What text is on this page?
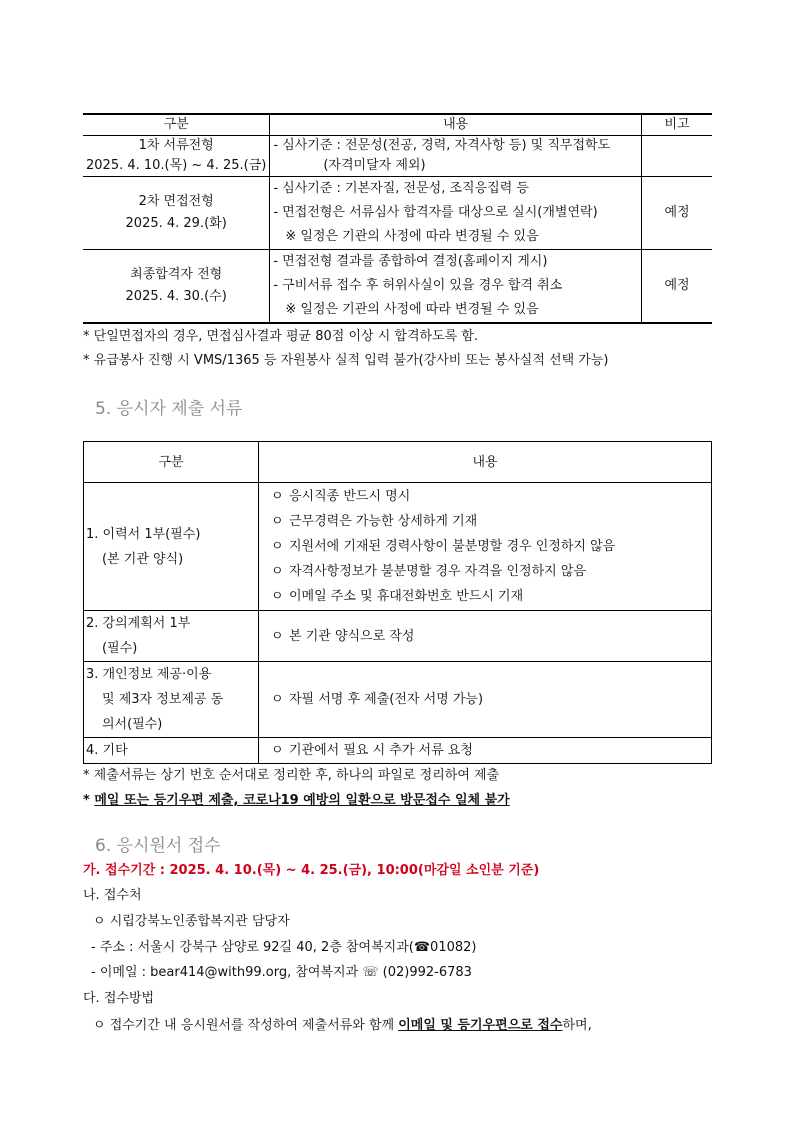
구분	내용	비고

1차 서류전형
2025. 4. 10.(목) ~ 4. 25.(금)	- 심사기준 : 전문성(전공, 경력, 자격사항 등) 및 직무접학도
(자격미달자 제외)	

2차 면접전형
2025. 4. 29.(화)	- 심사기준 : 기본자질, 전문성, 조직응집력 등
- 면접전형은 서류심사 합격자를 대상으로 실시(개별연락)
※ 일정은 기관의 사정에 따라 변경될 수 있음	예정

최종합격자 전형
2025. 4. 30.(수)	- 면접전형 결과를 종합하여 결정(홈페이지 게시)
- 구비서류 접수 후 허위사실이 있을 경우 합격 취소
※ 일정은 기관의 사정에 따라 변경될 수 있음	예정
* 단일면접자의 경우, 면접심사결과 평균 80점 이상 시 합격하도록 함.
* 유급봉사 진행 시 VMS/1365 등 자원봉사 실적 입력 불가(강사비 또는 봉사실적 선택 가능)
5. 응시자 제출 서류
구분	내용

1. 이력서 1부(필수)
(본 기관 양식)	ㅇ 응시직종 반드시 명시
ㅇ 근무경력은 가능한 상세하게 기재
ㅇ 지원서에 기재된 경력사항이 불분명할 경우 인정하지 않음
ㅇ 자격사항정보가 불분명할 경우 자격을 인정하지 않음
ㅇ 이메일 주소 및 휴대전화번호 반드시 기재

2. 강의계획서 1부
(필수)	ㅇ 본 기관 양식으로 작성

3. 개인정보 제공·이용
및 제3자 정보제공 동
의서(필수)	ㅇ 자필 서명 후 제출(전자 서명 가능)

4. 기타	ㅇ 기관에서 필요 시 추가 서류 요청
* 제출서류는 상기 번호 순서대로 정리한 후, 하나의 파일로 정리하여 제출
* 메일 또는 등기우편 제출, 코로나19 예방의 일환으로 방문접수 일체 불가
6. 응시원서 접수
가. 접수기간 : 2025. 4. 10.(목) ~ 4. 25.(금), 10:00(마감일 소인분 기준)
나. 접수처
ㅇ 시립강북노인종합복지관 담당자
- 주소 : 서울시 강북구 삼양로 92길 40, 2층 참여복지과(☎01082)
- 이메일 : bear414@with99.org, 참여복지과 ☏ (02)992-6783
다. 접수방법
ㅇ 접수기간 내 응시원서를 작성하여 제출서류와 함께 이메일 및 등기우편으로 접수하며,
